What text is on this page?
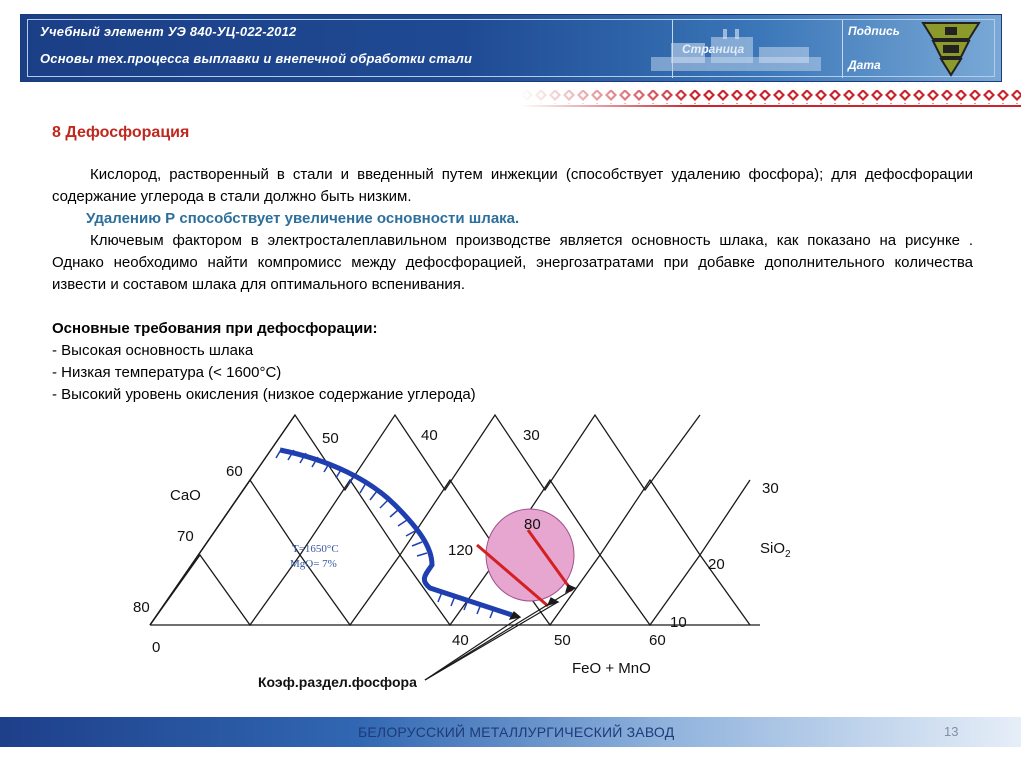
Учебный элемент УЭ 840-УЦ-022-2012
Основы тех.процесса выплавки и внепечной обработки стали
Подпись
Дата
8 Дефосфорация

Кислород, растворенный в стали и введенный путем инжекции (способствует удалению фосфора); для дефосфорации содержание углерода в стали должно быть низким.

Удалению Р способствует увеличение основности шлака.

Ключевым фактором в электросталеплавильном производстве является основность шлака, как показано на рисунке . Однако необходимо найти компромисс между дефосфорацией, энергозатратами при добавке дополнительного количества извести и составом шлака для оптимального вспенивания.

Основные требования при дефосфорации:

- Высокая основность шлака

- Низкая температура (< 1600°С)

- Высокий уровень окисления (низкое содержание углерода)

50	40	30
60
70
80
0
30
20
10
40	50	60
CaO
SiO$_2$
FeO + MnO
80
120
Коэф.раздел.фосфора
T=1650°C
MgO= 7%
БЕЛОРУССКИЙ МЕТАЛЛУРГИЧЕСКИЙ ЗАВОД	13
